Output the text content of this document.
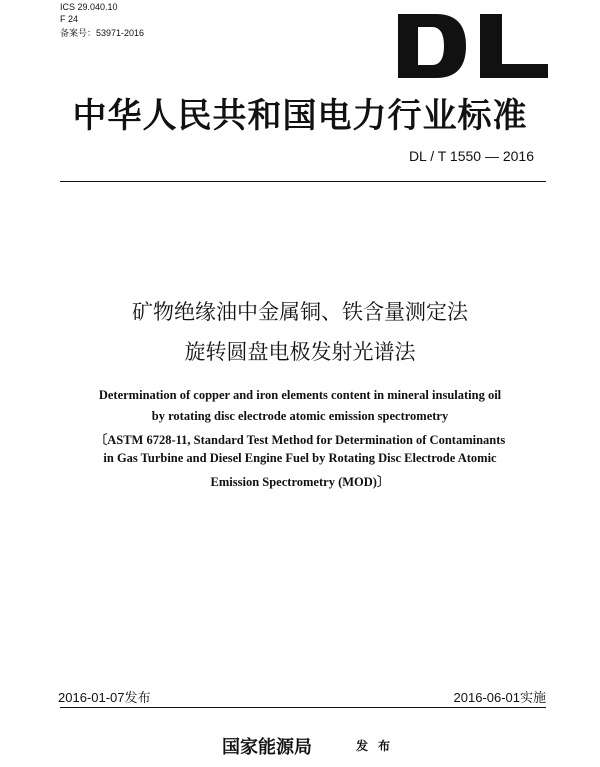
ICS 29.040.10
F 24
备案号：53971-2016
中华人民共和国电力行业标准
DL / T 1550 — 2016
矿物绝缘油中金属铜、铁含量测定法
旋转圆盘电极发射光谱法
Determination of copper and iron elements content in mineral insulating oil
by rotating disc electrode atomic emission spectrometry
〔ASTM 6728-11, Standard Test Method for Determination of Contaminants
in Gas Turbine and Diesel Engine Fuel by Rotating Disc Electrode Atomic
Emission Spectrometry (MOD)〕
2016-01-07发布	2016-06-01实施
国家能源局	发布
